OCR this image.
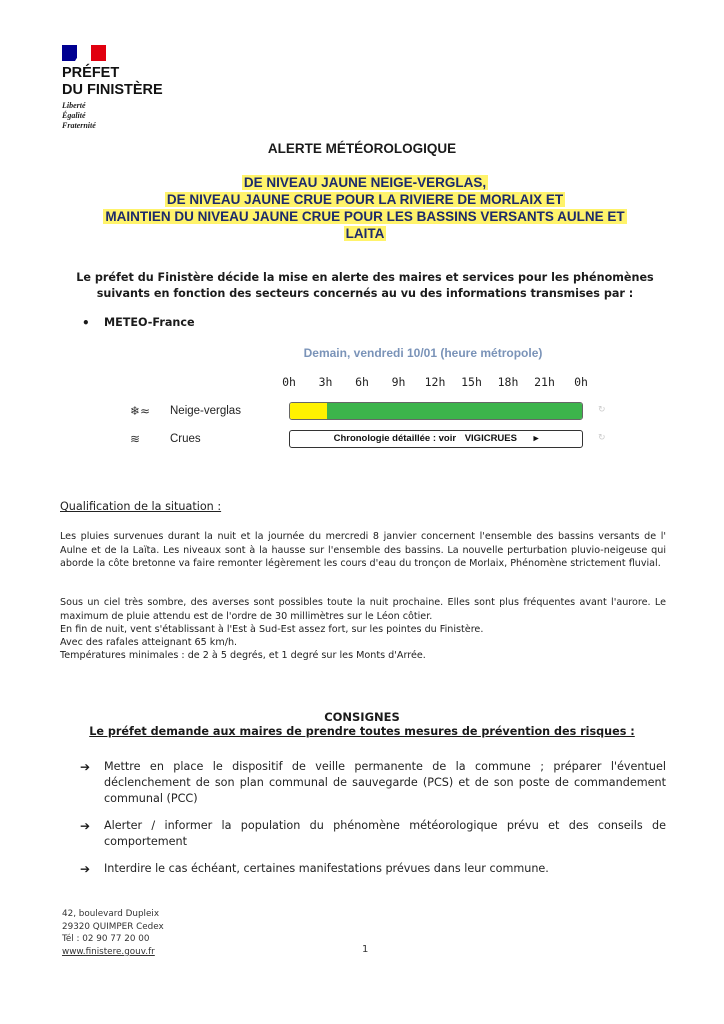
PRÉFET
DU FINISTÈRE
Liberté
Égalité
Fraternité
ALERTE MÉTÉOROLOGIQUE
DE NIVEAU JAUNE NEIGE-VERGLAS,
DE NIVEAU JAUNE CRUE POUR LA RIVIERE DE MORLAIX ET
MAINTIEN DU NIVEAU JAUNE CRUE POUR LES BASSINS VERSANTS AULNE ET
LAITA
Le préfet du Finistère décide la mise en alerte des maires et services pour les phénomènes suivants en fonction des secteurs concernés au vu des informations transmises par :
• METEO-France
Demain, vendredi 10/01 (heure métropole)
0h	3h	6h	9h	12h	15h	18h	21h	0h
❄≈ Neige-verglas	↻
≋	Crues	Chronologie détaillée : voir VIGICRUES ▸	↻
Qualification de la situation :
Les pluies survenues durant la nuit et la journée du mercredi 8 janvier concernent l'ensemble des bassins versants de l' Aulne et de la Laïta. Les niveaux sont à la hausse sur l'ensemble des bassins. La nouvelle perturbation pluvio-neigeuse qui aborde la côte bretonne va faire remonter légèrement les cours d'eau du tronçon de Morlaix, Phénomène strictement fluvial.
Sous un ciel très sombre, des averses sont possibles toute la nuit prochaine. Elles sont plus fréquentes avant l'aurore. Le maximum de pluie attendu est de l'ordre de 30 millimètres sur le Léon côtier.
En fin de nuit, vent s'établissant à l'Est à Sud-Est assez fort, sur les pointes du Finistère.
Avec des rafales atteignant 65 km/h.
Températures minimales : de 2 à 5 degrés, et 1 degré sur les Monts d'Arrée.
CONSIGNES
Le préfet demande aux maires de prendre toutes mesures de prévention des risques :
➔ Mettre en place le dispositif de veille permanente de la commune ; préparer l'éventuel déclenchement de son plan communal de sauvegarde (PCS) et de son poste de commandement communal (PCC)
➔ Alerter / informer la population du phénomène météorologique prévu et des conseils de comportement
➔ Interdire le cas échéant, certaines manifestations prévues dans leur commune.
42, boulevard Dupleix
29320 QUIMPER Cedex
Tél : 02 90 77 20 00
www.finistere.gouv.fr	1
